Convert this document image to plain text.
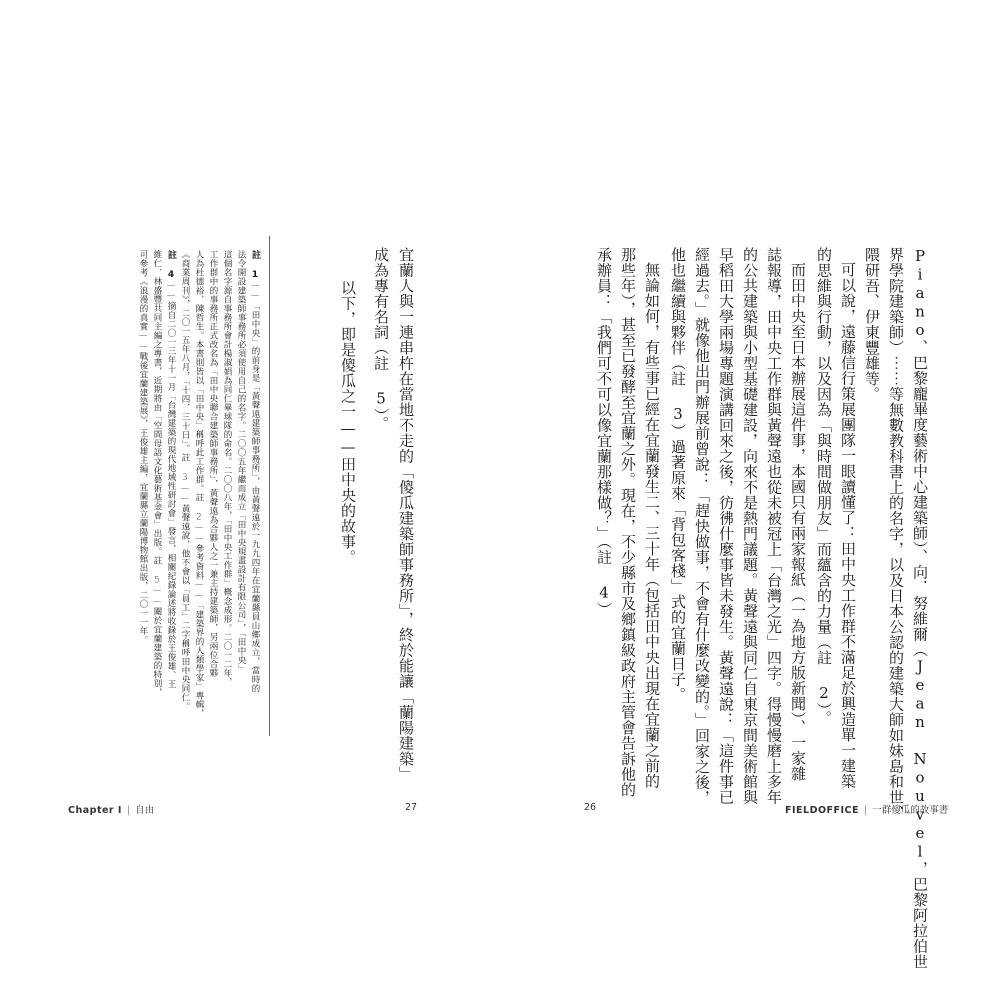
宜蘭人與一連串杵在當地不走的「傻瓜建築師事務所」，終於能讓「蘭陽建築」
成為專有名詞（註 5）。
以下，即是傻瓜之一——田中央的故事。
註 1——「田中央」的前身是「黃聲遠建築師事務所」，由黃聲遠於一九九四年在宜蘭縣員山鄉成立，當時的
法令開設建築師事務所必須使用自己的名字。二〇〇五年繼而成立「田中央規畫設計有限公司」，「田中央」
這個名字源自事務所會計楊淑娟為同仁畢球隊的命名。二〇〇八年，「田中央工作群」概念成形。二〇一二年，
工作群中的事務所正式改名為「田中央聯合建築師事務所」，黃聲遠為合夥人之一兼主持建築師，另兩位合夥
人為杜德裕、陳哲生。本書則皆以「田中央」稱呼此工作群。註 2——參考資料——「建築界的人類學家」專輯，
《商業周刊》，二〇一五年八月，「十四．三十日」。註 3——黃聲遠說，他不會以「員工」二字稱呼田中央同仁。
註 4——摘自二〇一三年十一月「台灣建築的現代地域性研討會」發言，相關紀錄論述將收錄於王俊雄、王
維仁、林盛豐共同主編之專書，近期將由「空間母語文化藝術基金會」出版。註 5——關於宜蘭建築的特別，
可參考《浪漫的真實——戰後宜蘭建築展》，王俊雄主編，宜蘭縣立蘭陽博物館出版，二〇一一年。
Chapter I | 自由	27	Piano、巴黎龐畢度藝術中心建築師）、向．努維爾（Jean Nouvel，巴黎阿拉伯世
界學院建築師）⋯⋯等無數教科書上的名字，以及日本公認的建築大師如妹島和世、
隈研吾、伊東豐雄等。
可以說，遠藤信行策展團隊一眼讀懂了：田中央工作群不滿足於興造單一建築
的思維與行動，以及因為「與時間做朋友」而蘊含的力量（註 2）。
而田中央至日本辦展這件事，本國只有兩家報紙（一為地方版新聞）、一家雜
誌報導，田中央工作群與黃聲遠也從未被冠上「台灣之光」四字。得慢慢磨上多年
的公共建築與小型基礎建設，向來不是熱門議題。黃聲遠與同仁自東京間美術館與
早稻田大學兩場專題演講回來之後，彷彿什麼事皆未發生。黃聲遠說：「這件事已
經過去。」就像他出門辦展前曾說：「趕快做事，不會有什麼改變的。」回家之後，
他也繼續與夥伴（註 3）過著原來「背包客棧」式的宜蘭日子。
無論如何，有些事已經在宜蘭發生二、三十年（包括田中央出現在宜蘭之前的
那些年），甚至已發酵至宜蘭之外。現在，不少縣市及鄉鎮級政府主管會告訴他的
承辦員：「我們可不可以像宜蘭那樣做？」（註 4）
26	FIELDOFFICE | 一群傻瓜的故事書
